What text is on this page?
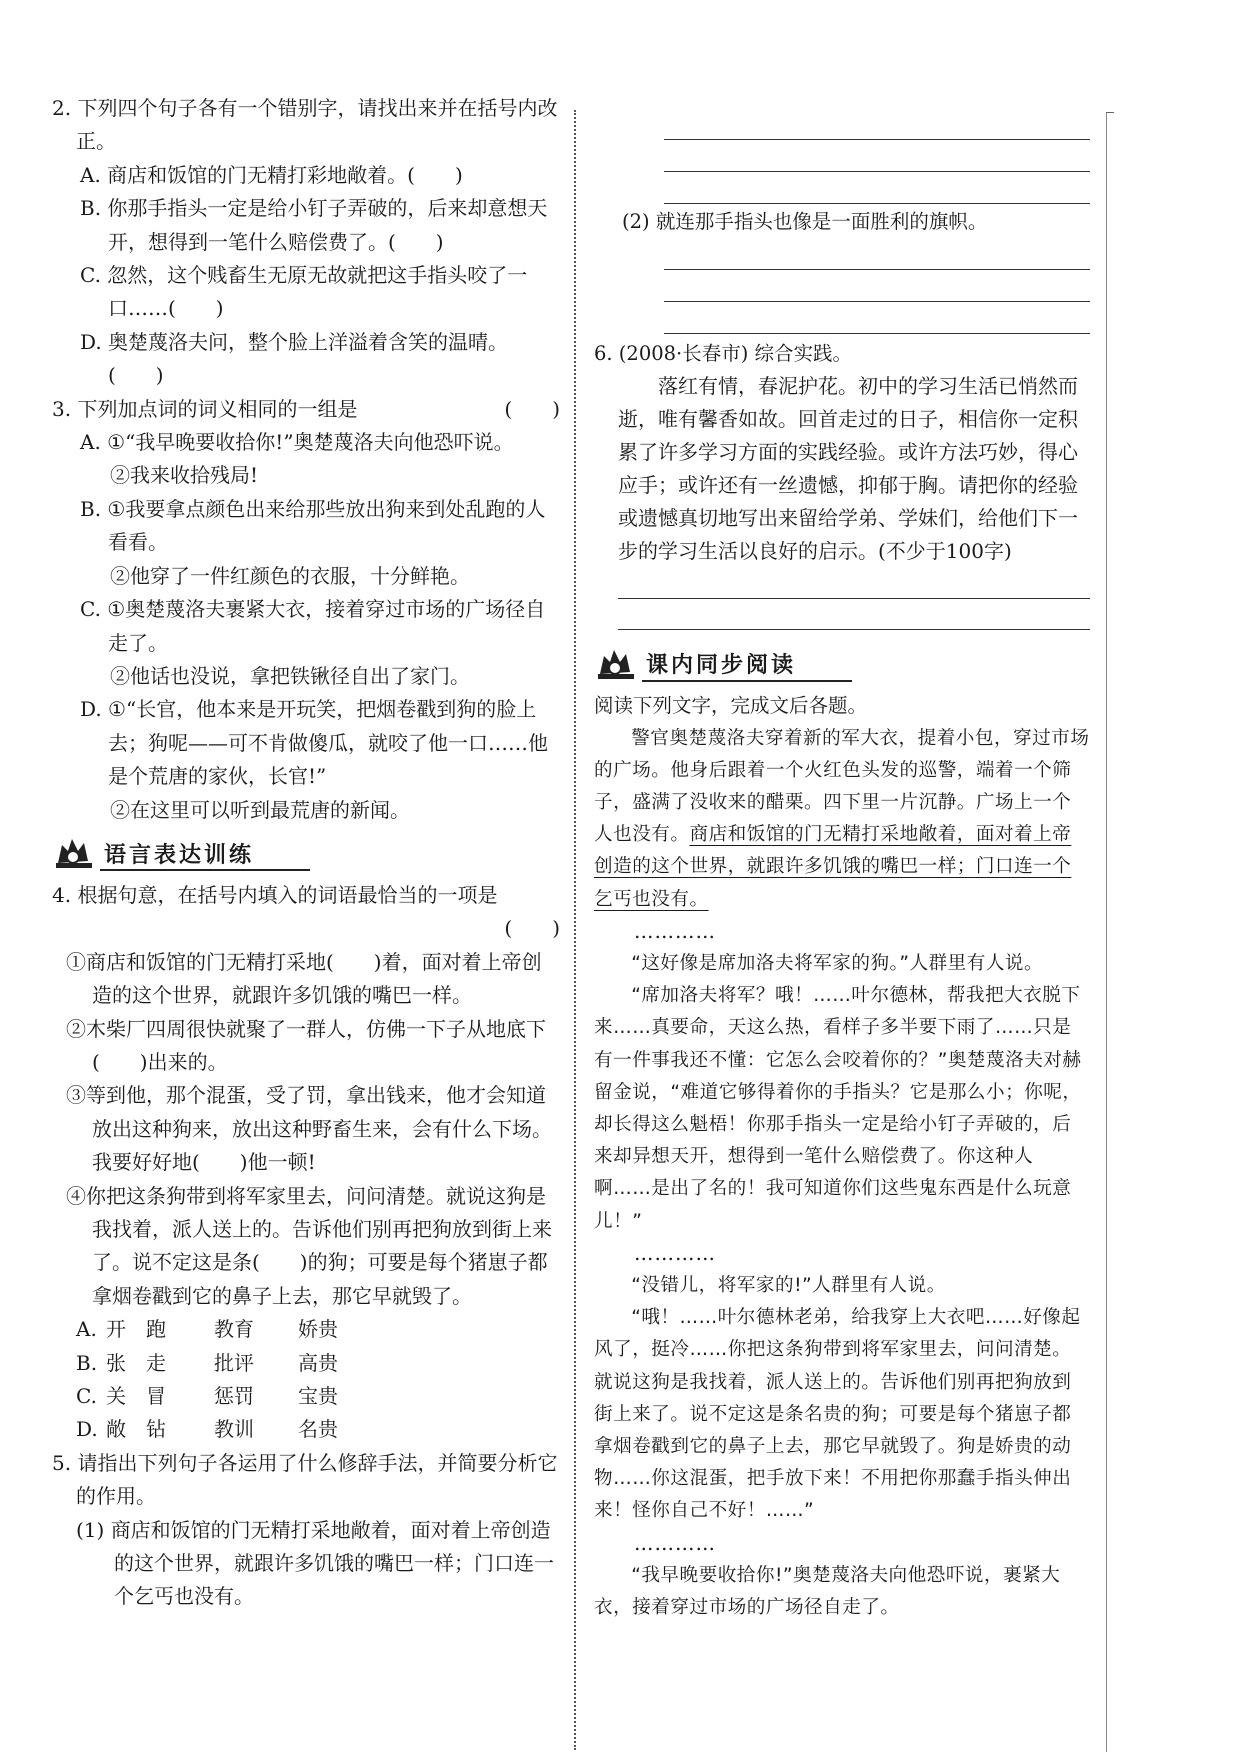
2. 下列四个句子各有一个错别字，请找出来并在括号内改正。

A. 商店和饭馆的门无精打彩地敞着。(　　)

B. 你那手指头一定是给小钉子弄破的，后来却意想天开，想得到一笔什么赔偿费了。(　　)

C. 忽然，这个贱畜生无原无故就把这手指头咬了一口……(　　)

D. 奥楚蔑洛夫问，整个脸上洋溢着含笑的温晴。(　　)

3. 下列加点词的词义相同的一组是	(　　)

A. ①“我早晚要收拾你!”奥楚蔑洛夫向他恐吓说。

②我来收拾残局!

B. ①我要拿点颜色出来给那些放出狗来到处乱跑的人看看。

②他穿了一件红颜色的衣服，十分鲜艳。

C. ①奥楚蔑洛夫裹紧大衣，接着穿过市场的广场径自走了。

②他话也没说，拿把铁锹径自出了家门。

D. ①“长官，他本来是开玩笑，把烟卷戳到狗的脸上去；狗呢——可不肯做傻瓜，就咬了他一口……他是个荒唐的家伙，长官!”

②在这里可以听到最荒唐的新闻。

语言表达训练

4. 根据句意，在括号内填入的词语最恰当的一项是

(　　)

①商店和饭馆的门无精打采地(　　)着，面对着上帝创造的这个世界，就跟许多饥饿的嘴巴一样。

②木柴厂四周很快就聚了一群人，仿佛一下子从地底下(　　)出来的。

③等到他，那个混蛋，受了罚，拿出钱来，他才会知道放出这种狗来，放出这种野畜生来，会有什么下场。我要好好地(　　)他一顿!

④你把这条狗带到将军家里去，问问清楚。就说这狗是我找着，派人送上的。告诉他们别再把狗放到街上来了。说不定这是条(　　)的狗；可要是每个猪崽子都拿烟卷戳到它的鼻子上去，那它早就毁了。

A. 开　跑 教育 娇贵

B. 张　走 批评 高贵

C. 关　冒 惩罚 宝贵

D. 敞　钻 教训 名贵

5. 请指出下列句子各运用了什么修辞手法，并简要分析它的作用。

(1) 商店和饭馆的门无精打采地敞着，面对着上帝创造的这个世界，就跟许多饥饿的嘴巴一样；门口连一个乞丐也没有。

(2) 就连那手指头也像是一面胜利的旗帜。

6. (2008·长春市) 综合实践。

落红有情，春泥护花。初中的学习生活已悄然而逝，唯有馨香如故。回首走过的日子，相信你一定积累了许多学习方面的实践经验。或许方法巧妙，得心应手；或许还有一丝遗憾，抑郁于胸。请把你的经验或遗憾真切地写出来留给学弟、学妹们，给他们下一步的学习生活以良好的启示。(不少于100字)

课内同步阅读

阅读下列文字，完成文后各题。

警官奥楚蔑洛夫穿着新的军大衣，提着小包，穿过市场的广场。他身后跟着一个火红色头发的巡警，端着一个筛子，盛满了没收来的醋栗。四下里一片沉静。广场上一个人也没有。商店和饭馆的门无精打采地敞着，面对着上帝创造的这个世界，就跟许多饥饿的嘴巴一样；门口连一个乞丐也没有。

…………

“这好像是席加洛夫将军家的狗。”人群里有人说。

“席加洛夫将军？哦！……叶尔德林，帮我把大衣脱下来……真要命，天这么热，看样子多半要下雨了……只是有一件事我还不懂：它怎么会咬着你的？”奥楚蔑洛夫对赫留金说，“难道它够得着你的手指头？它是那么小；你呢，却长得这么魁梧！你那手指头一定是给小钉子弄破的，后来却异想天开，想得到一笔什么赔偿费了。你这种人啊……是出了名的！我可知道你们这些鬼东西是什么玩意儿！”

…………

“没错儿，将军家的!”人群里有人说。

“哦！……叶尔德林老弟，给我穿上大衣吧……好像起风了，挺冷……你把这条狗带到将军家里去，问问清楚。就说这狗是我找着，派人送上的。告诉他们别再把狗放到街上来了。说不定这是条名贵的狗；可要是每个猪崽子都拿烟卷戳到它的鼻子上去，那它早就毁了。狗是娇贵的动物……你这混蛋，把手放下来！不用把你那蠢手指头伸出来！怪你自己不好！……”

…………

“我早晚要收拾你!”奥楚蔑洛夫向他恐吓说，裹紧大衣，接着穿过市场的广场径自走了。
